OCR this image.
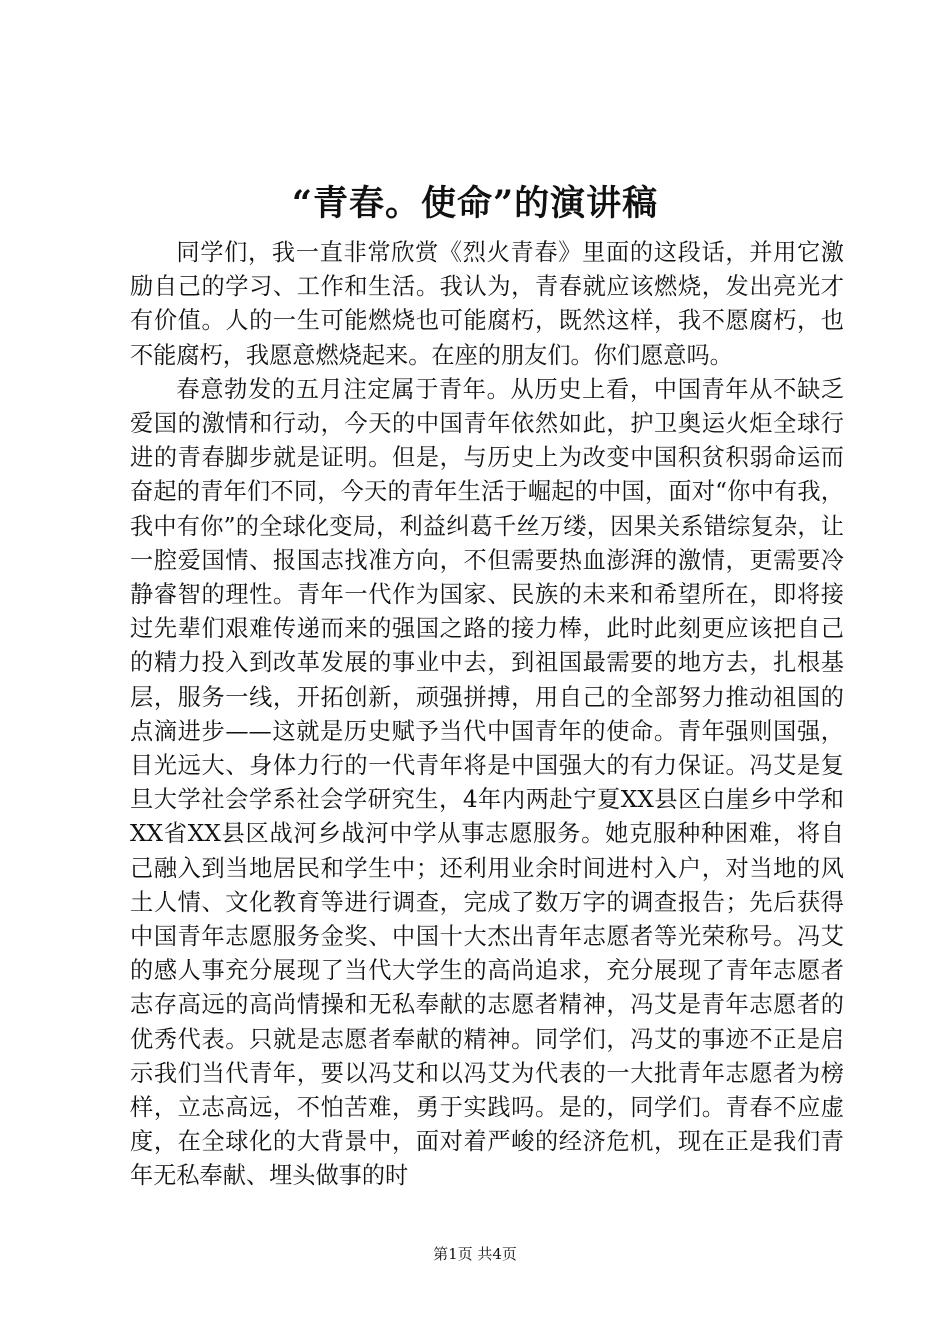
“青春。使命”的演讲稿

同学们，我一直非常欣赏《烈火青春》里面的这段话，并用它激励自己的学习、工作和生活。我认为，青春就应该燃烧，发出亮光才有价值。人的一生可能燃烧也可能腐朽，既然这样，我不愿腐朽，也不能腐朽，我愿意燃烧起来。在座的朋友们。你们愿意吗。

春意勃发的五月注定属于青年。从历史上看，中国青年从不缺乏爱国的激情和行动，今天的中国青年依然如此，护卫奥运火炬全球行进的青春脚步就是证明。但是，与历史上为改变中国积贫积弱命运而奋起的青年们不同，今天的青年生活于崛起的中国，面对“你中有我，我中有你”的全球化变局，利益纠葛千丝万缕，因果关系错综复杂，让一腔爱国情、报国志找准方向，不但需要热血澎湃的激情，更需要冷静睿智的理性。青年一代作为国家、民族的未来和希望所在，即将接过先辈们艰难传递而来的强国之路的接力棒，此时此刻更应该把自己的精力投入到改革发展的事业中去，到祖国最需要的地方去，扎根基层，服务一线，开拓创新，顽强拼搏，用自己的全部努力推动祖国的点滴进步——这就是历史赋予当代中国青年的使命。青年强则国强，目光远大、身体力行的一代青年将是中国强大的有力保证。冯艾是复旦大学社会学系社会学研究生，4年内两赴宁夏XX县区白崖乡中学和XX省XX县区战河乡战河中学从事志愿服务。她克服种种困难，将自己融入到当地居民和学生中；还利用业余时间进村入户，对当地的风土人情、文化教育等进行调查，完成了数万字的调查报告；先后获得中国青年志愿服务金奖、中国十大杰出青年志愿者等光荣称号。冯艾的感人事充分展现了当代大学生的高尚追求，充分展现了青年志愿者志存高远的高尚情操和无私奉献的志愿者精神，冯艾是青年志愿者的优秀代表。只就是志愿者奉献的精神。同学们，冯艾的事迹不正是启示我们当代青年，要以冯艾和以冯艾为代表的一大批青年志愿者为榜样，立志高远，不怕苦难，勇于实践吗。是的，同学们。青春不应虚度，在全球化的大背景中，面对着严峻的经济危机，现在正是我们青年无私奉献、埋头做事的时

第1页 共4页
